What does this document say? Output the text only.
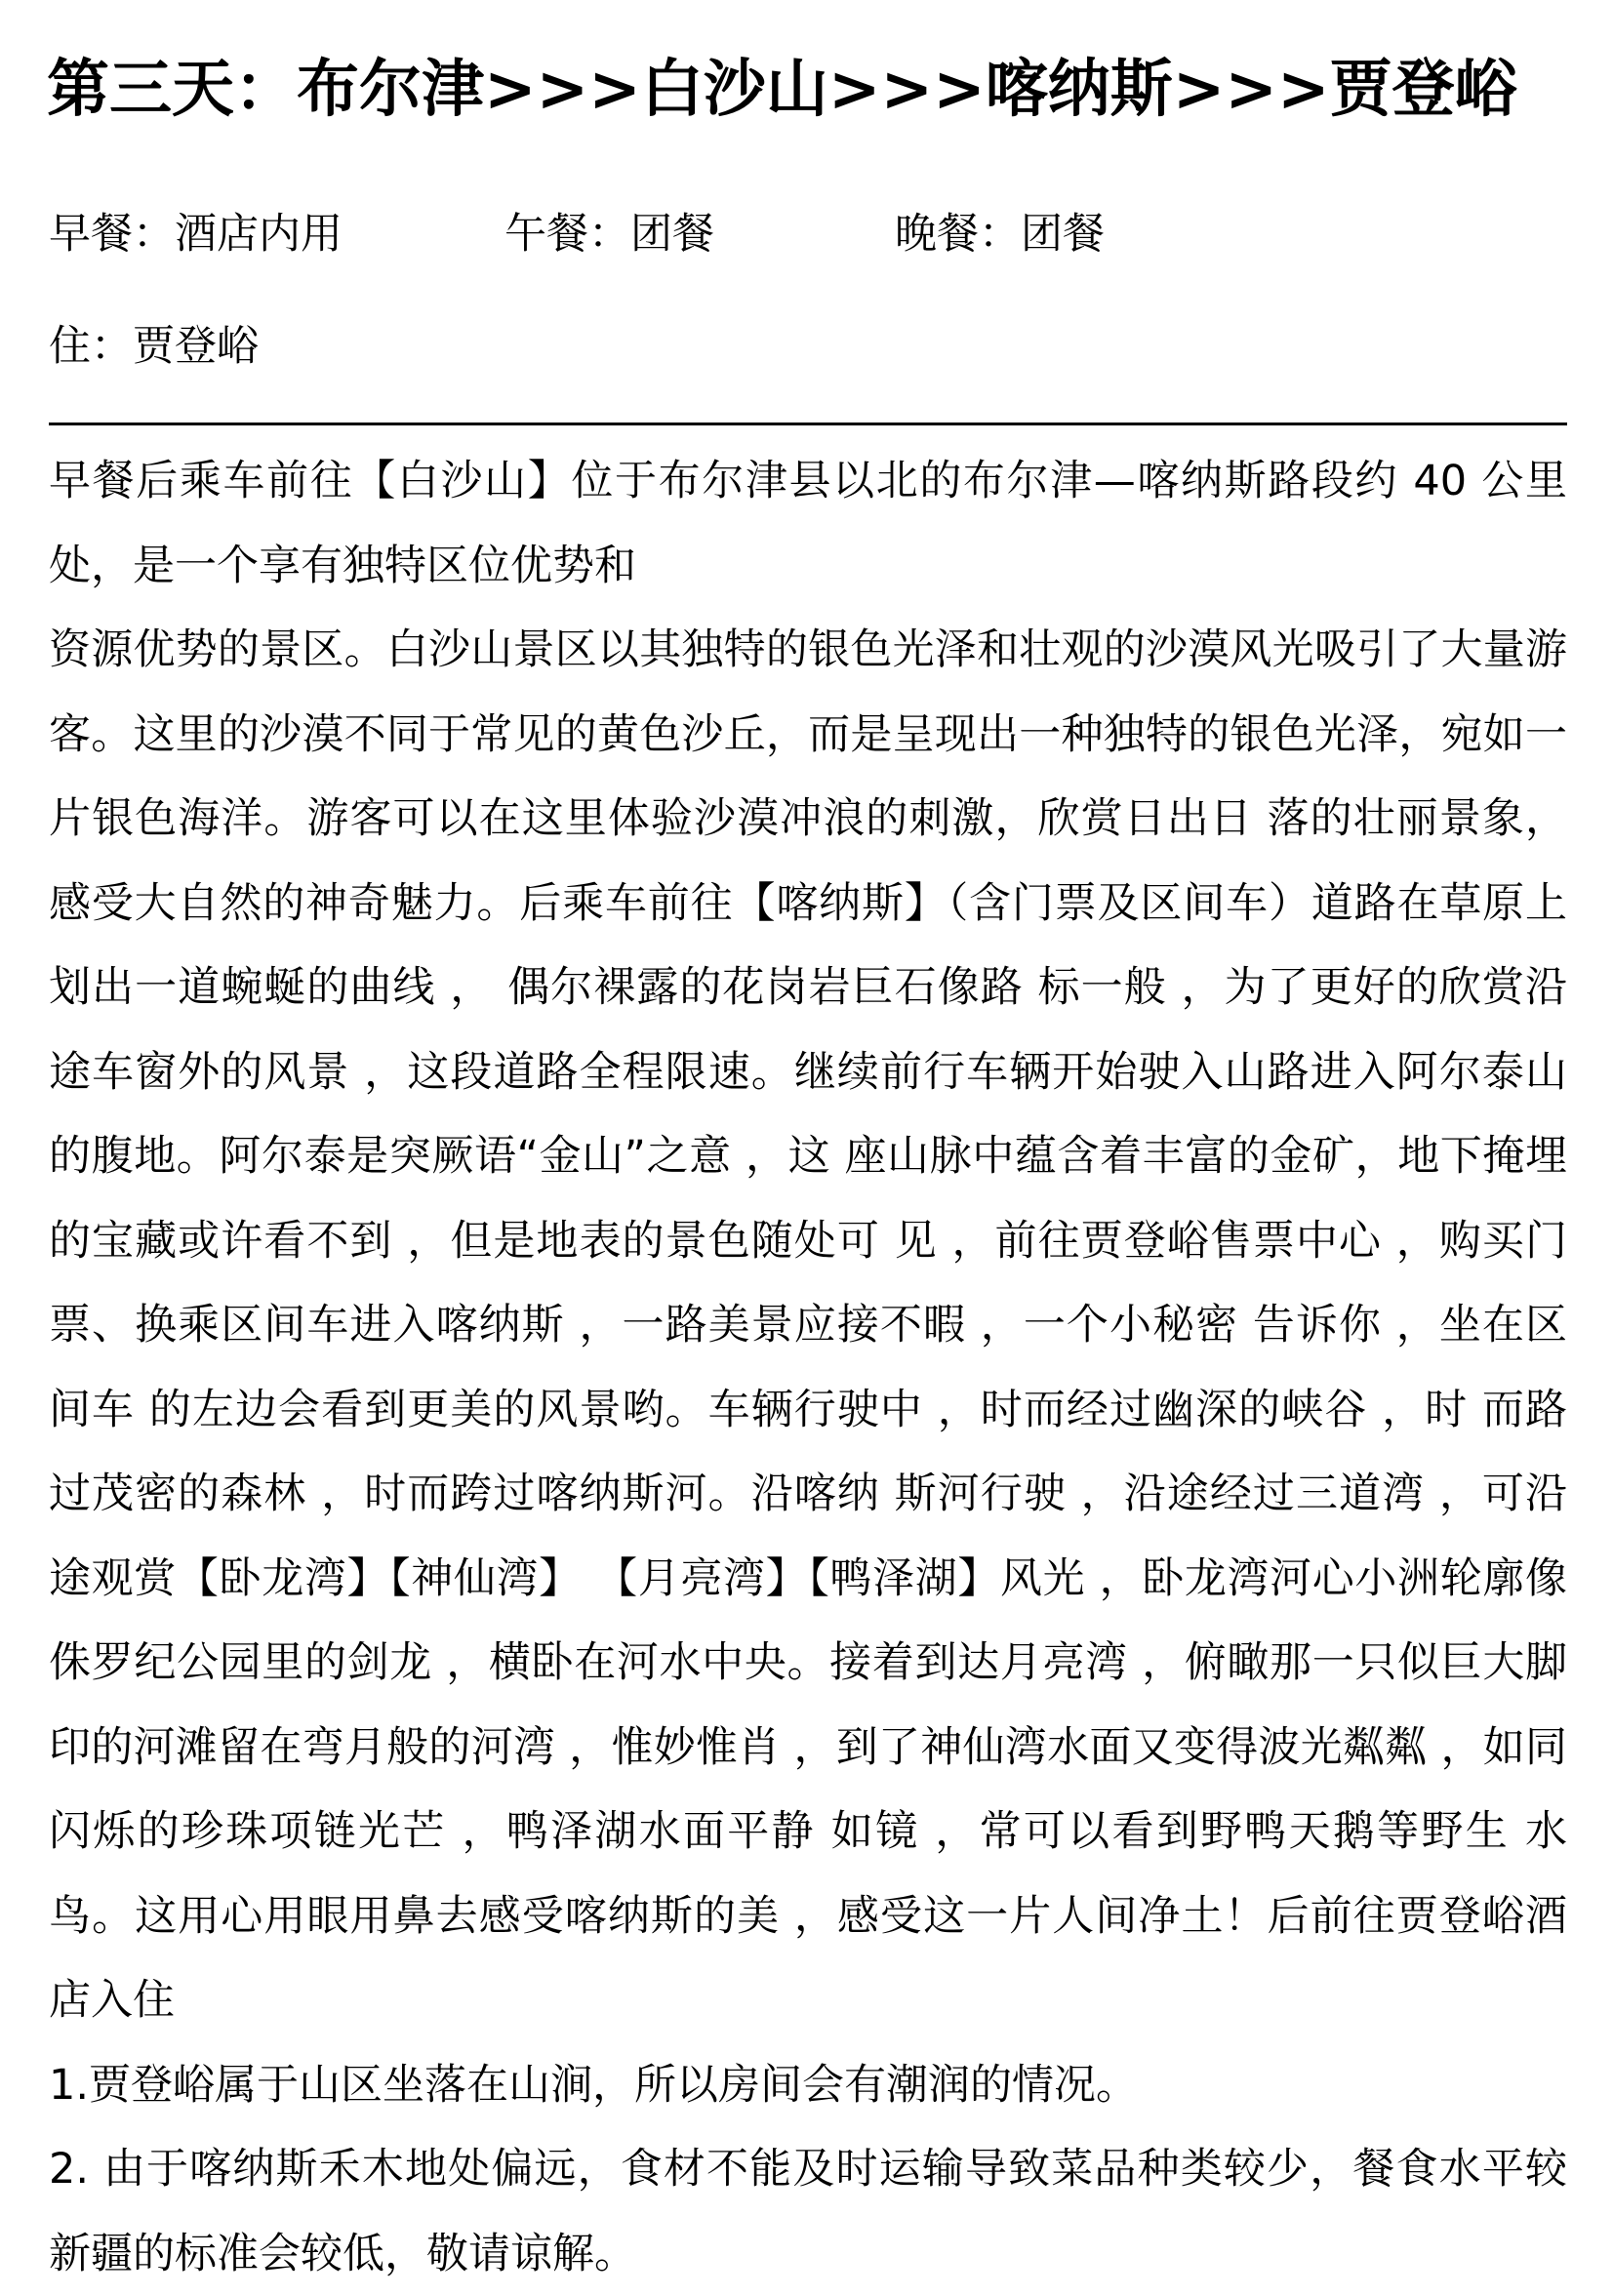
第三天：布尔津>>>白沙山>>>喀纳斯>>>贾登峪
早餐：酒店内用	午餐：团餐	晚餐：团餐
住：贾登峪

早餐后乘车前往【白沙山】位于布尔津县以北的布尔津—喀纳斯路段约 40 公里处，是一个享有独特区位优势和

资源优势的景区。白沙山景区以其独特的银色光泽和壮观的沙漠风光吸引了大量游客。这里的沙漠不同于常见的黄色沙丘，而是呈现出一种独特的银色光泽，宛如一片银色海洋。游客可以在这里体验沙漠冲浪的刺激，欣赏日出日 落的壮丽景象，感受大自然的神奇魅力。后乘车前往【喀纳斯】（含门票及区间车）道路在草原上划出一道蜿蜒的曲线 ， 偶尔裸露的花岗岩巨石像路 标一般 ，为了更好的欣赏沿途车窗外的风景 ，这段道路全程限速。继续前行车辆开始驶入山路进入阿尔泰山的腹地。阿尔泰是突厥语“金山”之意 ，这 座山脉中蕴含着丰富的金矿，地下掩埋的宝藏或许看不到 ，但是地表的景色随处可 见 ，前往贾登峪售票中心 ，购买门票、换乘区间车进入喀纳斯 ，一路美景应接不暇 ，一个小秘密 告诉你 ，坐在区间车 的左边会看到更美的风景哟。车辆行驶中 ，时而经过幽深的峡谷 ，时 而路过茂密的森林 ，时而跨过喀纳斯河。沿喀纳 斯河行驶 ，沿途经过三道湾 ，可沿途观赏【卧龙湾】【神仙湾】 【月亮湾】【鸭泽湖】风光 ，卧龙湾河心小洲轮廓像 侏罗纪公园里的剑龙 ，横卧在河水中央。接着到达月亮湾 ，俯瞰那一只似巨大脚印的河滩留在弯月般的河湾 ，惟妙惟肖 ，到了神仙湾水面又变得波光粼粼 ，如同闪烁的珍珠项链光芒 ，鸭泽湖水面平静 如镜 ，常可以看到野鸭天鹅等野生 水鸟。这用心用眼用鼻去感受喀纳斯的美 ，感受这一片人间净土！后前往贾登峪酒店入住

1.贾登峪属于山区坐落在山涧，所以房间会有潮润的情况。

2. 由于喀纳斯禾木地处偏远，食材不能及时运输导致菜品种类较少，餐食水平较新疆的标准会较低，敬请谅解。
